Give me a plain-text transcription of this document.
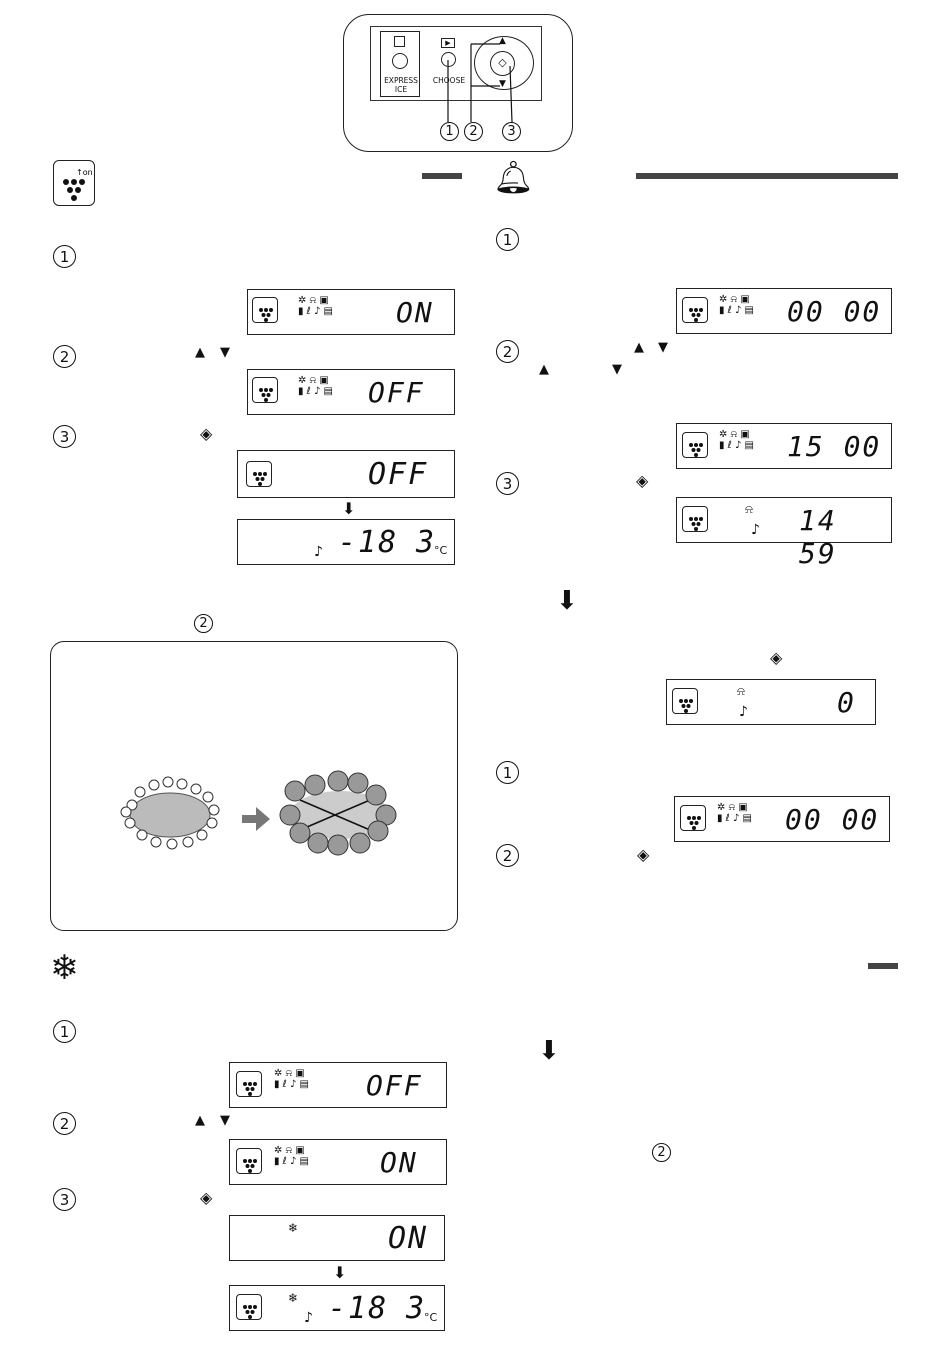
EXPRESS
ICE
▶
CHOOSE
◇
▲
▼
1	2	3
↑on
1
2
3
▲ ▼
◈
✲ ⍾ ▣
▮ ℓ ♪ ▤ ON
✲ ⍾ ▣
▮ ℓ ♪ ▤ OFF
OFF
⬇
♪ -18 3
°C
2
❄
1
2
3
▲ ▼
◈
✲ ⍾ ▣
▮ ℓ ♪ ▤ OFF
✲ ⍾ ▣
▮ ℓ ♪ ▤	ON
❄	ON
⬇
❄
♪ -18 3
°C
🔔︎
1
2
3
▲ ▼
▲	▼
◈
✲ ⍾ ▣
▮ ℓ ♪ ▤ 00 00
✲ ⍾ ▣
▮ ℓ ♪ ▤ 15 00
⍾
♪ 14 59
⬇
◈
⍾
♪	0
1
2	◈
✲ ⍾ ▣
▮ ℓ ♪ ▤ 00 00
⬇
2
